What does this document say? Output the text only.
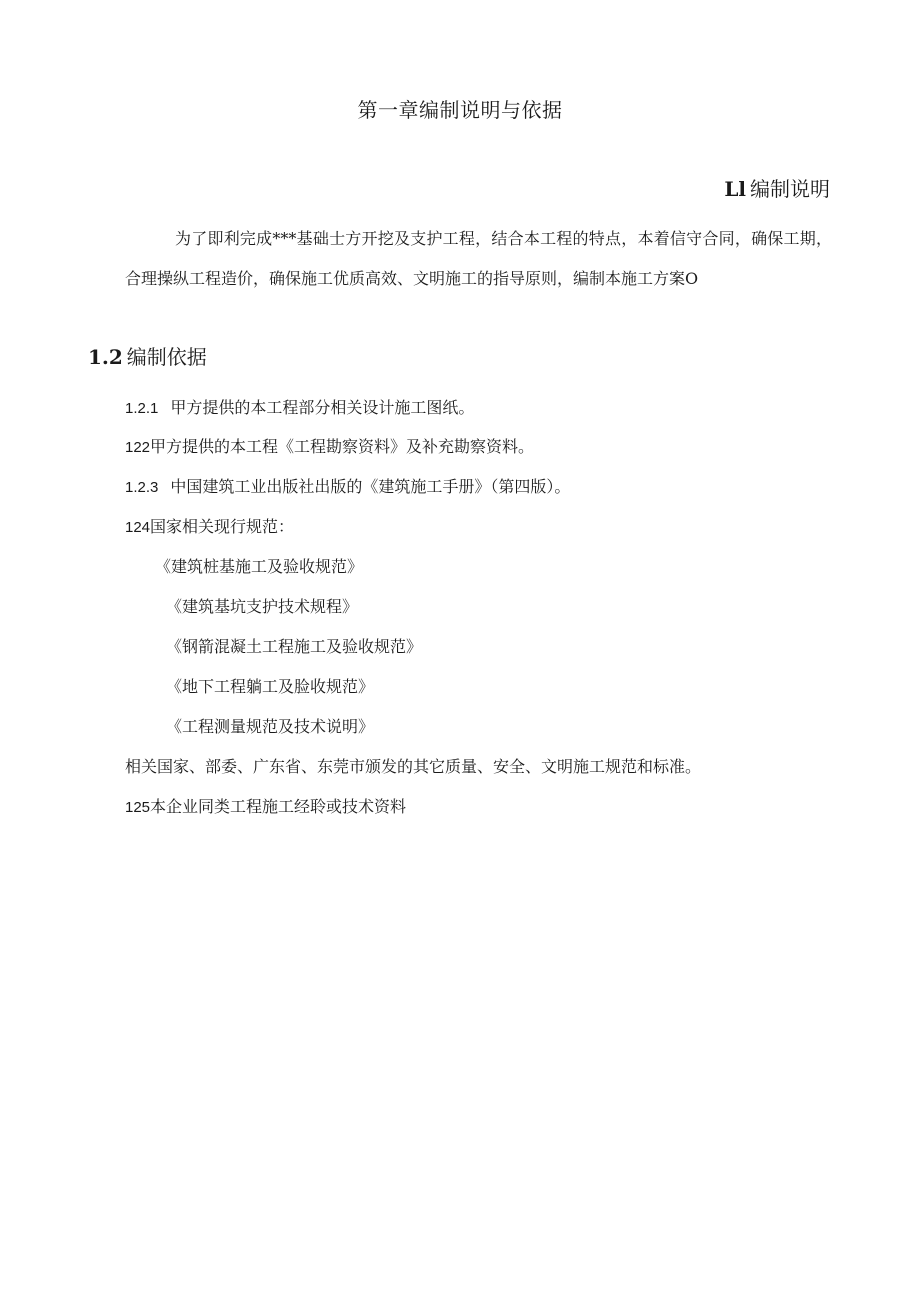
第一章编制说明与依据
Ll 编制说明
为了即利完成***基础士方开挖及支护工程，结合本工程的特点，本着信守合同，确保工期，合理操纵工程造价，确保施工优质高效、文明施工的指导原则，编制本施工方案O
1.2 编制依据
1.2.1 甲方提供的本工程部分相关设计施工图纸。
122甲方提供的本工程《工程勘察资料》及补充勘察资料。
1.2.3 中国建筑工业出版社出版的《建筑施工手册》（第四版）。
124国家相关现行规范：
《建筑桩基施工及验收规范》
《建筑基坑支护技术规程》
《钢箭混凝土工程施工及验收规范》
《地下工程躺工及脸收规范》
《工程测量规范及技术说明》
相关国家、部委、广东省、东莞市颁发的其它质量、安全、文明施工规范和标准。
125本企业同类工程施工经聆或技术资料
